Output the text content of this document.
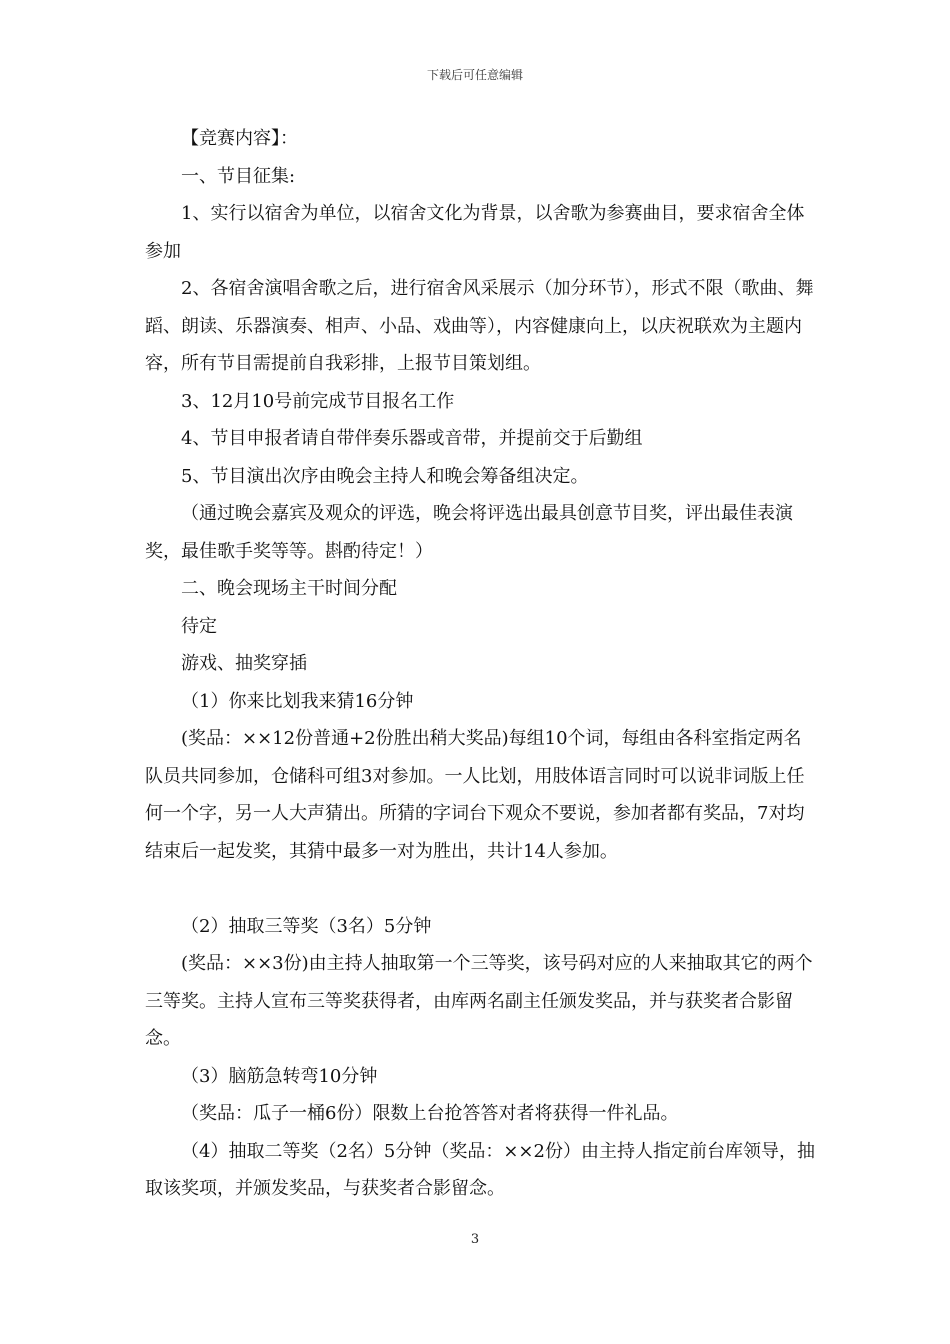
下载后可任意编辑

【竞赛内容】：

一、节目征集:

1、实行以宿舍为单位，以宿舍文化为背景，以舍歌为参赛曲目，要求宿舍全体参加

2、各宿舍演唱舍歌之后，进行宿舍风采展示（加分环节），形式不限（歌曲、舞蹈、朗读、乐器演奏、相声、小品、戏曲等），内容健康向上，以庆祝联欢为主题内容，所有节目需提前自我彩排，上报节目策划组。

3、12月10号前完成节目报名工作

4、节目申报者请自带伴奏乐器或音带，并提前交于后勤组

5、节目演出次序由晚会主持人和晚会筹备组决定。

（通过晚会嘉宾及观众的评选，晚会将评选出最具创意节目奖，评出最佳表演奖，最佳歌手奖等等。斟酌待定！）

二、晚会现场主干时间分配

待定

游戏、抽奖穿插

（1）你来比划我来猜16分钟

(奖品：××12份普通+2份胜出稍大奖品)每组10个词，每组由各科室指定两名队员共同参加，仓储科可组3对参加。一人比划，用肢体语言同时可以说非词版上任何一个字，另一人大声猜出。所猜的字词台下观众不要说，参加者都有奖品，7对均结束后一起发奖，其猜中最多一对为胜出，共计14人参加。

（2）抽取三等奖（3名）5分钟

(奖品：××3份)由主持人抽取第一个三等奖，该号码对应的人来抽取其它的两个三等奖。主持人宣布三等奖获得者，由库两名副主任颁发奖品，并与获奖者合影留念。

（3）脑筋急转弯10分钟

（奖品：瓜子一桶6份）限数上台抢答答对者将获得一件礼品。

（4）抽取二等奖（2名）5分钟（奖品：××2份）由主持人指定前台库领导，抽取该奖项，并颁发奖品，与获奖者合影留念。

3
